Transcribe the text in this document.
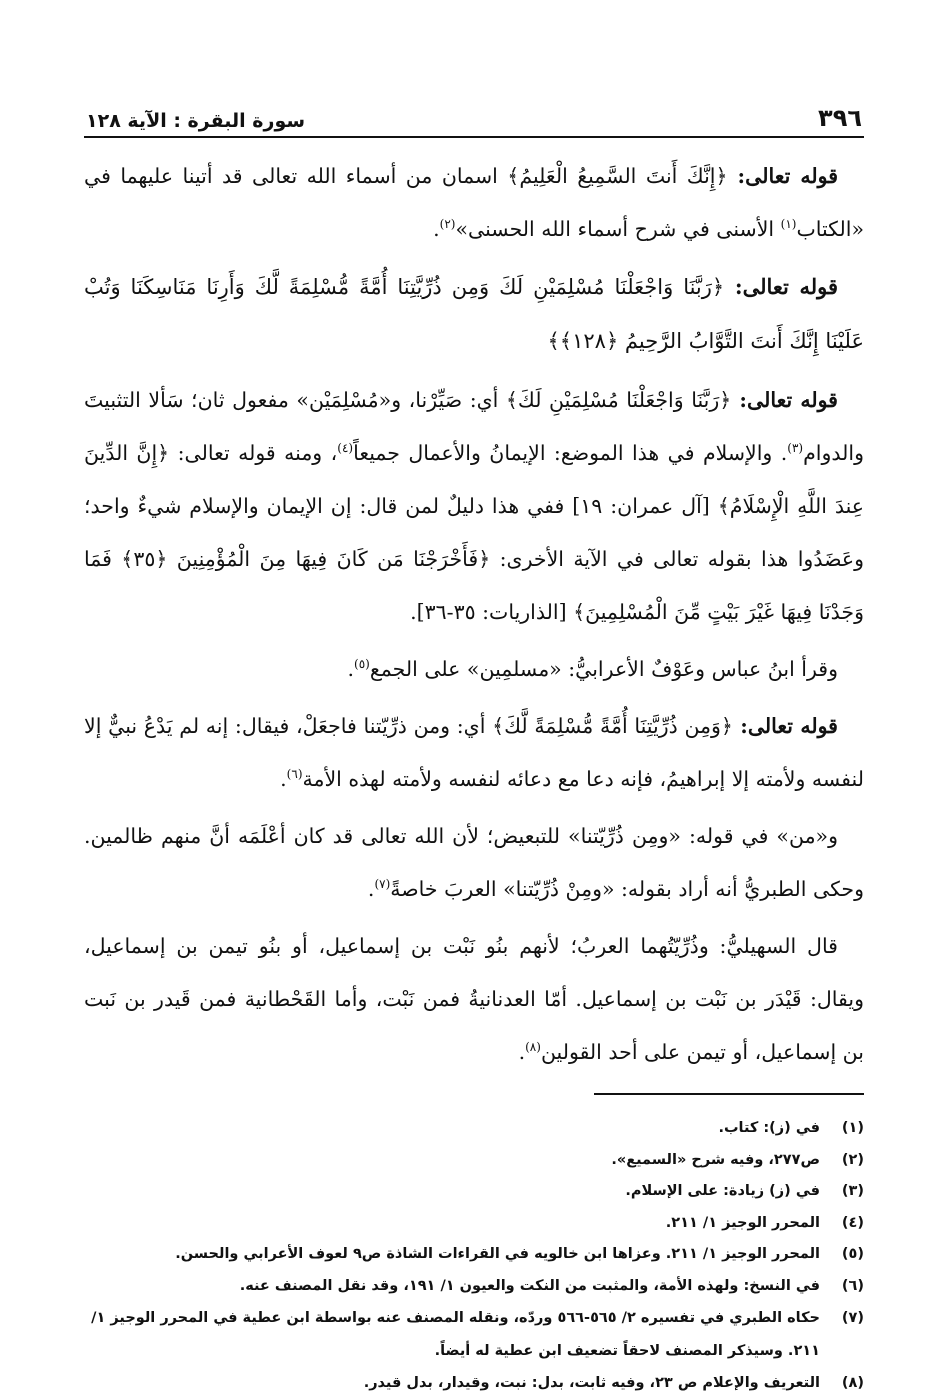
٣٩٦
سورة البقرة : الآية ١٢٨

قوله تعالى: ﴿إِنَّكَ أَنتَ السَّمِيعُ الْعَلِيمُ﴾ اسمان من أسماء الله تعالى قد أتينا عليهما في «الكتاب$^{(١)}$ الأسنى في شرح أسماء الله الحسنى»$^{(٢)}$.

قوله تعالى: ﴿رَبَّنَا وَاجْعَلْنَا مُسْلِمَيْنِ لَكَ وَمِن ذُرِّيَّتِنَا أُمَّةً مُّسْلِمَةً لَّكَ وَأَرِنَا مَنَاسِكَنَا وَتُبْ عَلَيْنَا إِنَّكَ أَنتَ التَّوَّابُ الرَّحِيمُ ﴿١٢٨﴾﴾

قوله تعالى: ﴿رَبَّنَا وَاجْعَلْنَا مُسْلِمَيْنِ لَكَ﴾ أي: صَيِّرْنا، و«مُسْلِمَيْن» مفعول ثان؛ سَألا التثبيتَ والدوام$^{(٣)}$. والإسلام في هذا الموضع: الإيمانُ والأعمال جميعاً$^{(٤)}$، ومنه قوله تعالى: ﴿إِنَّ الدِّينَ عِندَ اللَّهِ الْإِسْلَامُ﴾ [آل عمران: ١٩] ففي هذا دليلٌ لمن قال: إن الإيمان والإسلام شيءٌ واحد؛ وعَضَدُوا هذا بقوله تعالى في الآية الأخرى: ﴿فَأَخْرَجْنَا مَن كَانَ فِيهَا مِنَ الْمُؤْمِنِينَ ﴿٣٥﴾ فَمَا وَجَدْنَا فِيهَا غَيْرَ بَيْتٍ مِّنَ الْمُسْلِمِينَ﴾ [الذاريات: ٣٥-٣٦].

وقرأ ابنُ عباس وعَوْفٌ الأعرابيُّ: «مسلمِين» على الجمع$^{(٥)}$.

قوله تعالى: ﴿وَمِن ذُرِّيَّتِنَا أُمَّةً مُّسْلِمَةً لَّكَ﴾ أي: ومن ذرِّيّتنا فاجعَلْ، فيقال: إنه لم يَدْعُ نبيٌّ إلا لنفسه ولأمته إلا إبراهيمُ، فإنه دعا مع دعائه لنفسه ولأمته لهذه الأمة$^{(٦)}$.

و«من» في قوله: «ومِن ذُرِّيّتنا» للتبعيض؛ لأن الله تعالى قد كان أعْلَمَه أنَّ منهم ظالمين. وحكى الطبريُّ أنه أراد بقوله: «ومِنْ ذُرِّيّتنا» العربَ خاصةً$^{(٧)}$.

قال السهيليُّ: وذُرِّيّتُهما العربُ؛ لأنهم بنُو نَبْت بن إسماعيل، أو بنُو تيمن بن إسماعيل، ويقال: قَيْدَر بن نَبْت بن إسماعيل. أمّا العدنانيةُ فمن نَبْت، وأما القَحْطانية فمن قَيدر بن نَبت بن إسماعيل، أو تيمن على أحد القولين$^{(٨)}$.

(١)
في (ز): كتاب.
(٢)
ص٢٧٧، وفيه شرح «السميع».
(٣)
في (ز) زيادة: على الإسلام.
(٤)
المحرر الوجيز ١/ ٢١١.
(٥)
المحرر الوجيز ١/ ٢١١. وعزاها ابن خالويه في القراءات الشاذة ص٩ لعوف الأعرابي والحسن.
(٦)
في النسخ: ولهذه الأمة، والمثبت من النكت والعيون ١/ ١٩١، وقد نقل المصنف عنه.
(٧)
حكاه الطبري في تفسيره ٢/ ٥٦٥-٥٦٦ وردّه، ونقله المصنف عنه بواسطة ابن عطية في المحرر الوجيز ١/ ٢١١. وسيذكر المصنف لاحقاً تضعيف ابن عطية له أيضاً.
(٨)
التعريف والإعلام ص ٢٣، وفيه ثابت، بدل: نبت، وقيدار، بدل قيدر.
